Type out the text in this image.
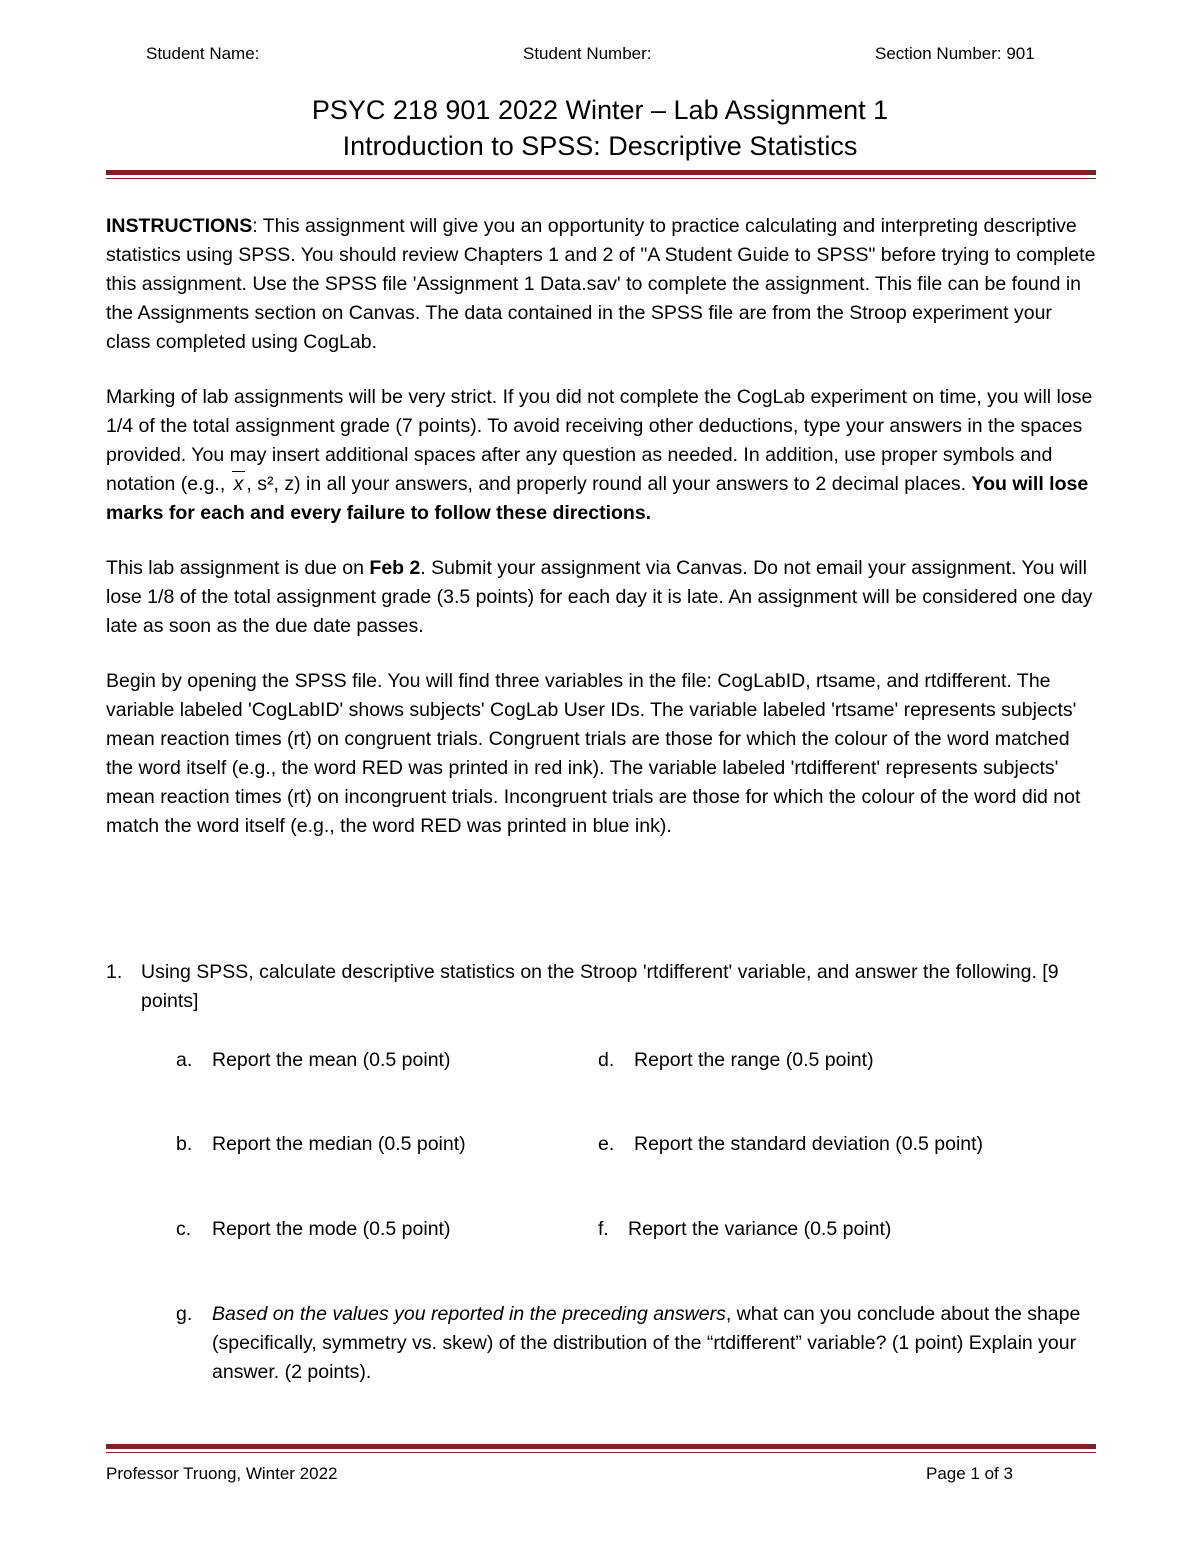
Student Name:	Student Number:	Section Number: 901
PSYC 218 901 2022 Winter – Lab Assignment 1
Introduction to SPSS: Descriptive Statistics

INSTRUCTIONS: This assignment will give you an opportunity to practice calculating and interpreting descriptive statistics using SPSS. You should review Chapters 1 and 2 of "A Student Guide to SPSS" before trying to complete this assignment. Use the SPSS file 'Assignment 1 Data.sav' to complete the assignment. This file can be found in the Assignments section on Canvas. The data contained in the SPSS file are from the Stroop experiment your class completed using CogLab.

Marking of lab assignments will be very strict. If you did not complete the CogLab experiment on time, you will lose 1/4 of the total assignment grade (7 points). To avoid receiving other deductions, type your answers in the spaces provided. You may insert additional spaces after any question as needed. In addition, use proper symbols and notation (e.g., x , s², z) in all your answers, and properly round all your answers to 2 decimal places. You will lose marks for each and every failure to follow these directions.

This lab assignment is due on Feb 2. Submit your assignment via Canvas. Do not email your assignment. You will lose 1/8 of the total assignment grade (3.5 points) for each day it is late. An assignment will be considered one day late as soon as the due date passes.

Begin by opening the SPSS file. You will find three variables in the file: CogLabID, rtsame, and rtdifferent. The variable labeled 'CogLabID' shows subjects' CogLab User IDs. The variable labeled 'rtsame' represents subjects' mean reaction times (rt) on congruent trials. Congruent trials are those for which the colour of the word matched the word itself (e.g., the word RED was printed in red ink). The variable labeled 'rtdifferent' represents subjects' mean reaction times (rt) on incongruent trials. Incongruent trials are those for which the colour of the word did not match the word itself (e.g., the word RED was printed in blue ink).

1. Using SPSS, calculate descriptive statistics on the Stroop 'rtdifferent' variable, and answer the following. [9 points]
a. Report the mean (0.5 point)
b. Report the median (0.5 point)
c. Report the mode (0.5 point)
d. Report the range (0.5 point)
e. Report the standard deviation (0.5 point)
f. Report the variance (0.5 point)
g. Based on the values you reported in the preceding answers, what can you conclude about the shape (specifically, symmetry vs. skew) of the distribution of the “rtdifferent” variable? (1 point) Explain your answer. (2 points).
Professor Truong, Winter 2022	Page 1 of 3
